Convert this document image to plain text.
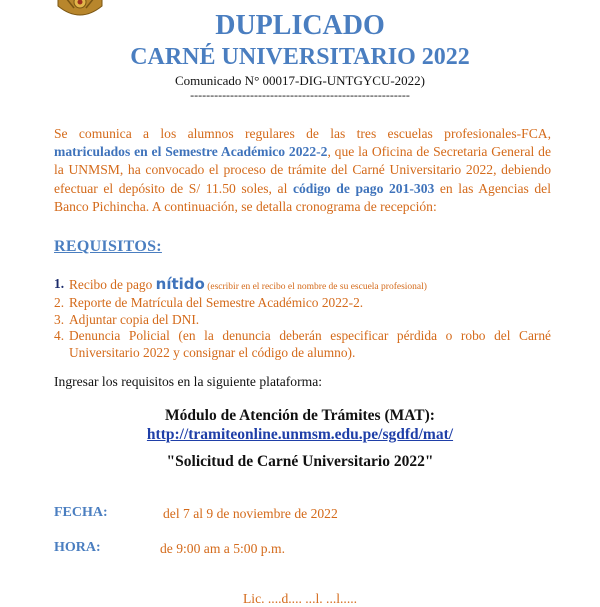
DUPLICADO
CARNÉ UNIVERSITARIO 2022
Comunicado N° 00017-DIG-UNTGYCU-2022)
-------------------------------------------------------

Se comunica a los alumnos regulares de las tres escuelas profesionales-FCA, matriculados en el Semestre Académico 2022-2, que la Oficina de Secretaria General de la UNMSM, ha convocado el proceso de trámite del Carné Universitario 2022, debiendo efectuar el depósito de S/ 11.50 soles, al código de pago 201-303 en las Agencias del Banco Pichincha. A continuación, se detalla cronograma de recepción:

REQUISITOS:
1. Recibo de pago nítido (escribir en el recibo el nombre de su escuela profesional)
2. Reporte de Matrícula del Semestre Académico 2022-2.
3. Adjuntar copia del DNI.
4. Denuncia Policial (en la denuncia deberán especificar pérdida o robo del Carné Universitario 2022 y consignar el código de alumno).
Ingresar los requisitos en la siguiente plataforma:
Módulo de Atención de Trámites (MAT):
http://tramiteonline.unmsm.edu.pe/sgdfd/mat/
"Solicitud de Carné Universitario 2022"
FECHA:	del 7 al 9 de noviembre de 2022
HORA:	de 9:00 am a 5:00 p.m.
Lic. ....d.... ...l. ...l.....
